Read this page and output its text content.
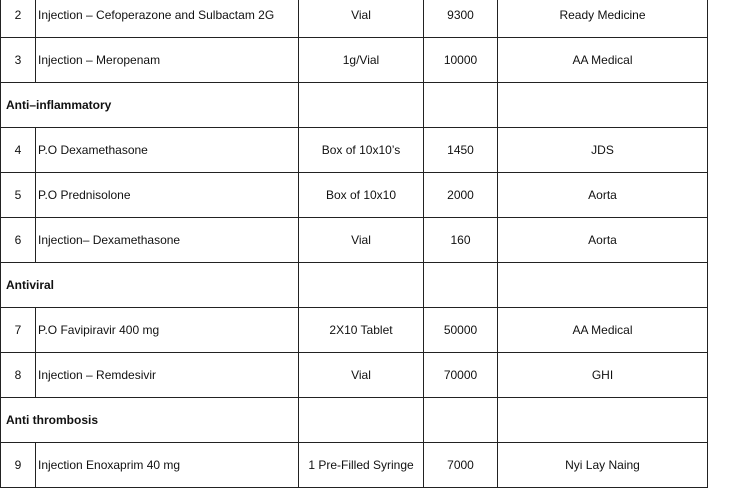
2	Injection – Cefoperazone and Sulbactam 2G	Vial	9300	Ready Medicine	
3	Injection – Meropenam	1g/Vial	10000	AA Medical	
Anti–inflammatory					
4	P.O Dexamethasone	Box of 10x10’s	1450	JDS	
5	P.O Prednisolone	Box of 10x10	2000	Aorta	
6	Injection– Dexamethasone	Vial	160	Aorta	
Antiviral					
7	P.O Favipiravir 400 mg	2X10 Tablet	50000	AA Medical	
8	Injection – Remdesivir	Vial	70000	GHI	
Anti thrombosis					
9	Injection Enoxaprim 40 mg	1 Pre-Filled Syringe	7000	Nyi Lay Naing	
